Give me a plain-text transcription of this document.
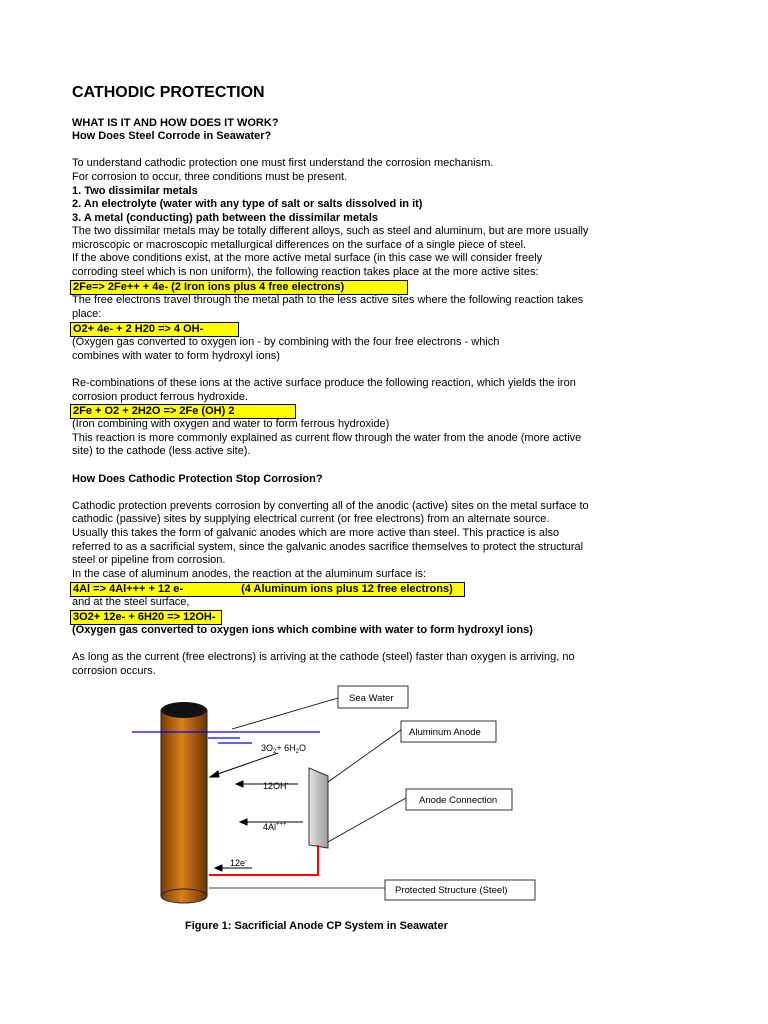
CATHODIC PROTECTION

WHAT IS IT AND HOW DOES IT WORK?

How Does Steel Corrode in Seawater?

To understand cathodic protection one must first understand the corrosion mechanism.

For corrosion to occur, three conditions must be present.

1. Two dissimilar metals

2. An electrolyte (water with any type of salt or salts dissolved in it)

3. A metal (conducting) path between the dissimilar metals

The two dissimilar metals may be totally different alloys, such as steel and aluminum, but are more usually

microscopic or macroscopic metallurgical differences on the surface of a single piece of steel.

If the above conditions exist, at the more active metal surface (in this case we will consider freely

corroding steel which is non uniform), the following reaction takes place at the more active sites:

2Fe=> 2Fe++ + 4e- (2 Iron ions plus 4 free electrons)

The free electrons travel through the metal path to the less active sites where the following reaction takes

place:

O2+ 4e- + 2 H20 => 4 OH-

(Oxygen gas converted to oxygen ion - by combining with the four free electrons - which

combines with water to form hydroxyl ions)

Re-combinations of these ions at the active surface produce the following reaction, which yields the iron

corrosion product ferrous hydroxide.

2Fe + O2 + 2H2O => 2Fe (OH) 2

(Iron combining with oxygen and water to form ferrous hydroxide)

This reaction is more commonly explained as current flow through the water from the anode (more active

site) to the cathode (less active site).

How Does Cathodic Protection Stop Corrosion?

Cathodic protection prevents corrosion by converting all of the anodic (active) sites on the metal surface to

cathodic (passive) sites by supplying electrical current (or free electrons) from an alternate source.

Usually this takes the form of galvanic anodes which are more active than steel. This practice is also

referred to as a sacrificial system, since the galvanic anodes sacrifice themselves to protect the structural

steel or pipeline from corrosion.

In the case of aluminum anodes, the reaction at the aluminum surface is:

4Al => 4Al+++ + 12 e-	(4 Aluminum ions plus 12 free electrons)

and at the steel surface,

3O2+ 12e- + 6H20 => 12OH-

(Oxygen gas converted to oxygen ions which combine with water to form hydroxyl ions)

As long as the current (free electrons) is arriving at the cathode (steel) faster than oxygen is arriving, no

corrosion occurs.

$3O_2+ 6H_2O$
12OH-
4Al+++
12e-
Sea Water
Aluminum Anode
Anode Connection
Protected Structure (Steel)
Figure 1: Sacrificial Anode CP System in Seawater
